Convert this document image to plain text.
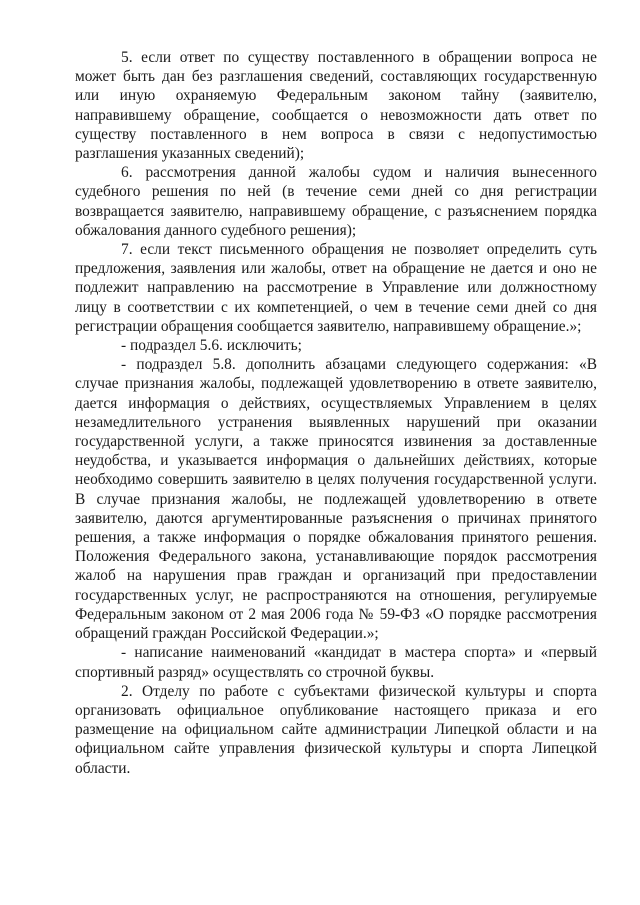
5. если ответ по существу поставленного в обращении вопроса не может быть дан без разглашения сведений, составляющих государственную или иную охраняемую Федеральным законом тайну (заявителю, направившему обращение, сообщается о невозможности дать ответ по существу поставленного в нем вопроса в связи с недопустимостью разглашения указанных сведений);

6. рассмотрения данной жалобы судом и наличия вынесенного судебного решения по ней (в течение семи дней со дня регистрации возвращается заявителю, направившему обращение, с разъяснением порядка обжалования данного судебного решения);

7. если текст письменного обращения не позволяет определить суть предложения, заявления или жалобы, ответ на обращение не дается и оно не подлежит направлению на рассмотрение в Управление или должностному лицу в соответствии с их компетенцией, о чем в течение семи дней со дня регистрации обращения сообщается заявителю, направившему обращение.»;

- подраздел 5.6. исключить;

- подраздел 5.8. дополнить абзацами следующего содержания: «В случае признания жалобы, подлежащей удовлетворению в ответе заявителю, дается информация о действиях, осуществляемых Управлением в целях незамедлительного устранения выявленных нарушений при оказании государственной услуги, а также приносятся извинения за доставленные неудобства, и указывается информация о дальнейших действиях, которые необходимо совершить заявителю в целях получения государственной услуги. В случае признания жалобы, не подлежащей удовлетворению в ответе заявителю, даются аргументированные разъяснения о причинах принятого решения, а также информация о порядке обжалования принятого решения. Положения Федерального закона, устанавливающие порядок рассмотрения жалоб на нарушения прав граждан и организаций при предоставлении государственных услуг, не распространяются на отношения, регулируемые Федеральным законом от 2 мая 2006 года № 59-ФЗ «О порядке рассмотрения обращений граждан Российской Федерации.»;

- написание наименований «кандидат в мастера спорта» и «первый спортивный разряд» осуществлять со строчной буквы.

2. Отделу по работе с субъектами физической культуры и спорта организовать официальное опубликование настоящего приказа и его размещение на официальном сайте администрации Липецкой области и на официальном сайте управления физической культуры и спорта Липецкой области.
